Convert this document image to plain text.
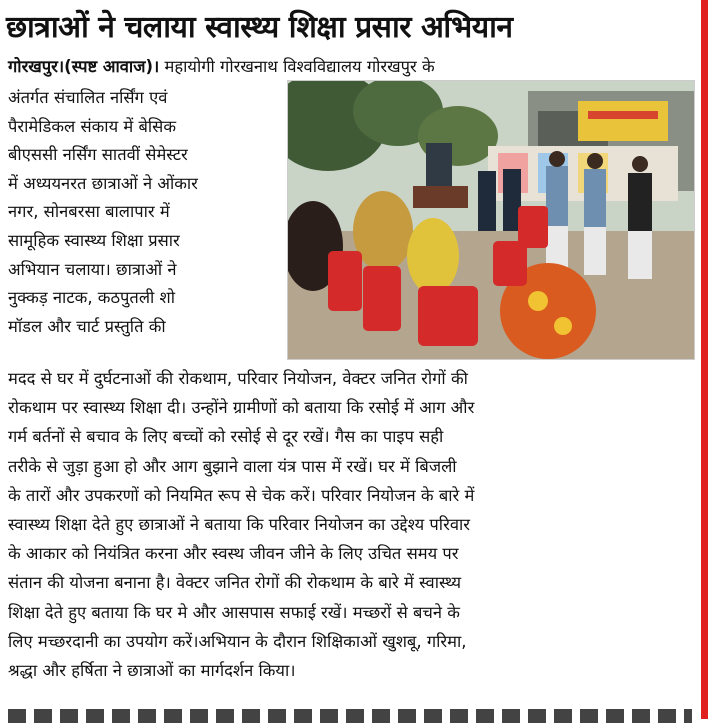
छात्राओं ने चलाया स्वास्थ्य शिक्षा प्रसार अभियान
गोरखपुर।(स्पष्ट आवाज)। महायोगी गोरखनाथ विश्वविद्यालय गोरखपुर के
अंतर्गत संचालित नर्सिंग एवं
पैरामेडिकल संकाय में बेसिक
बीएससी नर्सिंग सातवीं सेमेस्टर
में अध्ययनरत छात्राओं ने ओंकार
नगर, सोनबरसा बालापार में
सामूहिक स्वास्थ्य शिक्षा प्रसार
अभियान चलाया। छात्राओं ने
नुक्कड़ नाटक, कठपुतली शो
मॉडल और चार्ट प्रस्तुति की
मदद से घर में दुर्घटनाओं की रोकथाम, परिवार नियोजन, वेक्टर जनित रोगों की
रोकथाम पर स्वास्थ्य शिक्षा दी। उन्होंने ग्रामीणों को बताया कि रसोई में आग और
गर्म बर्तनों से बचाव के लिए बच्चों को रसोई से दूर रखें। गैस का पाइप सही
तरीके से जुड़ा हुआ हो और आग बुझाने वाला यंत्र पास में रखें। घर में बिजली
के तारों और उपकरणों को नियमित रूप से चेक करें। परिवार नियोजन के बारे में
स्वास्थ्य शिक्षा देते हुए छात्राओं ने बताया कि परिवार नियोजन का उद्देश्य परिवार
के आकार को नियंत्रित करना और स्वस्थ जीवन जीने के लिए उचित समय पर
संतान की योजना बनाना है। वेक्टर जनित रोगों की रोकथाम के बारे में स्वास्थ्य
शिक्षा देते हुए बताया कि घर मे और आसपास सफाई रखें। मच्छरों से बचने के
लिए मच्छरदानी का उपयोग करें।अभियान के दौरान शिक्षिकाओं खुशबू, गरिमा,
श्रद्धा और हर्षिता ने छात्राओं का मार्गदर्शन किया।
